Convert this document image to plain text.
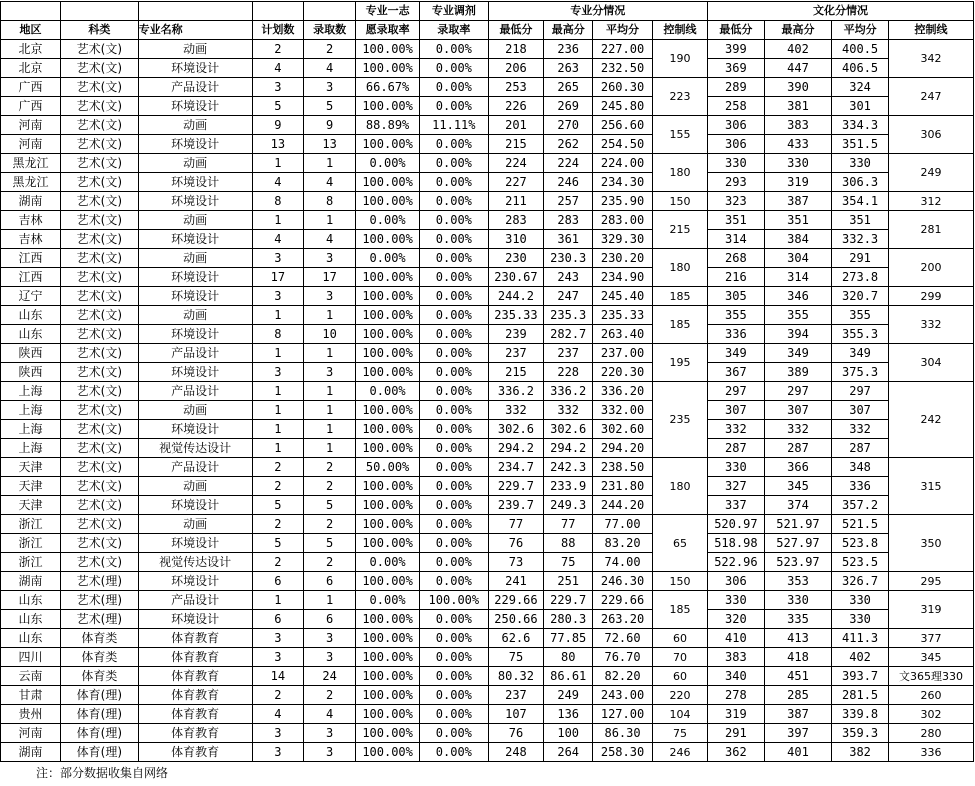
					专业一志	专业调剂	专业分情况				文化分情况			
地区	科类	专业名称	计划数	录取数	愿录取率	录取率	最低分	最高分	平均分	控制线	最低分	最高分	平均分	控制线
北京	艺术(文)	动画	2	2	100.00%	0.00%	218	236	227.00	190	399	402	400.5	342
北京	艺术(文)	环境设计	4	4	100.00%	0.00%	206	263	232.50		369	447	406.5	
广西	艺术(文)	产品设计	3	3	66.67%	0.00%	253	265	260.30	223	289	390	324	247
广西	艺术(文)	环境设计	5	5	100.00%	0.00%	226	269	245.80		258	381	301	
河南	艺术(文)	动画	9	9	88.89%	11.11%	201	270	256.60	155	306	383	334.3	306
河南	艺术(文)	环境设计	13	13	100.00%	0.00%	215	262	254.50		306	433	351.5	
黑龙江	艺术(文)	动画	1	1	0.00%	0.00%	224	224	224.00	180	330	330	330	249
黑龙江	艺术(文)	环境设计	4	4	100.00%	0.00%	227	246	234.30		293	319	306.3	
湖南	艺术(文)	环境设计	8	8	100.00%	0.00%	211	257	235.90	150	323	387	354.1	312
吉林	艺术(文)	动画	1	1	0.00%	0.00%	283	283	283.00	215	351	351	351	281
吉林	艺术(文)	环境设计	4	4	100.00%	0.00%	310	361	329.30		314	384	332.3	
江西	艺术(文)	动画	3	3	0.00%	0.00%	230	230.3	230.20	180	268	304	291	200
江西	艺术(文)	环境设计	17	17	100.00%	0.00%	230.67	243	234.90		216	314	273.8	
辽宁	艺术(文)	环境设计	3	3	100.00%	0.00%	244.2	247	245.40	185	305	346	320.7	299
山东	艺术(文)	动画	1	1	100.00%	0.00%	235.33	235.3	235.33	185	355	355	355	332
山东	艺术(文)	环境设计	8	10	100.00%	0.00%	239	282.7	263.40		336	394	355.3	
陕西	艺术(文)	产品设计	1	1	100.00%	0.00%	237	237	237.00	195	349	349	349	304
陕西	艺术(文)	环境设计	3	3	100.00%	0.00%	215	228	220.30		367	389	375.3	
上海	艺术(文)	产品设计	1	1	0.00%	0.00%	336.2	336.2	336.20	235	297	297	297	242
上海	艺术(文)	动画	1	1	100.00%	0.00%	332	332	332.00		307	307	307	
上海	艺术(文)	环境设计	1	1	100.00%	0.00%	302.6	302.6	302.60		332	332	332	
上海	艺术(文)	视觉传达设计	1	1	100.00%	0.00%	294.2	294.2	294.20		287	287	287	
天津	艺术(文)	产品设计	2	2	50.00%	0.00%	234.7	242.3	238.50	180	330	366	348	315
天津	艺术(文)	动画	2	2	100.00%	0.00%	229.7	233.9	231.80		327	345	336	
天津	艺术(文)	环境设计	5	5	100.00%	0.00%	239.7	249.3	244.20		337	374	357.2	
浙江	艺术(文)	动画	2	2	100.00%	0.00%	77	77	77.00	65	520.97	521.97	521.5	350
浙江	艺术(文)	环境设计	5	5	100.00%	0.00%	76	88	83.20		518.98	527.97	523.8	
浙江	艺术(文)	视觉传达设计	2	2	0.00%	0.00%	73	75	74.00		522.96	523.97	523.5	
湖南	艺术(理)	环境设计	6	6	100.00%	0.00%	241	251	246.30	150	306	353	326.7	295
山东	艺术(理)	产品设计	1	1	0.00%	100.00%	229.66	229.7	229.66	185	330	330	330	319
山东	艺术(理)	环境设计	6	6	100.00%	0.00%	250.66	280.3	263.20		320	335	330	
山东	体育类	体育教育	3	3	100.00%	0.00%	62.6	77.85	72.60	60	410	413	411.3	377
四川	体育类	体育教育	3	3	100.00%	0.00%	75	80	76.70	70	383	418	402	345
云南	体育类	体育教育	14	24	100.00%	0.00%	80.32	86.61	82.20	60	340	451	393.7	文365理330
甘肃	体育(理)	体育教育	2	2	100.00%	0.00%	237	249	243.00	220	278	285	281.5	260
贵州	体育(理)	体育教育	4	4	100.00%	0.00%	107	136	127.00	104	319	387	339.8	302
河南	体育(理)	体育教育	3	3	100.00%	0.00%	76	100	86.30	75	291	397	359.3	280
湖南	体育(理)	体育教育	3	3	100.00%	0.00%	248	264	258.30	246	362	401	382	336
注：部分数据收集自网络
